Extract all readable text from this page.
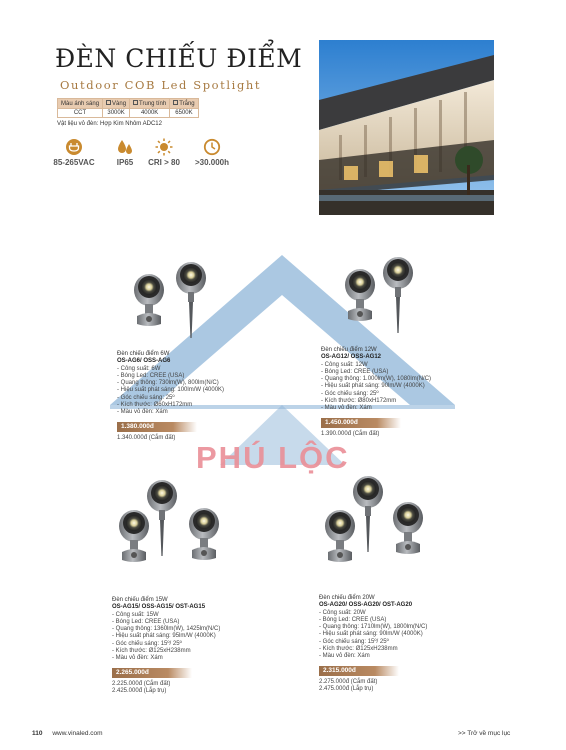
ĐÈN CHIẾU ĐIỂM
Outdoor COB Led Spotlight
Màu ánh sáng	Vàng	Trung tính	Trắng
CCT	3000K	4000K	6500K
Vật liệu vỏ đèn: Hợp Kim Nhôm ADC12
85-265VAC	IP65	CRI > 80	>30.000h
PHÚ LỘC
Đèn chiếu điểm 6W
OS-AG6/ OSS-AG6
- Công suất: 6W
- Bóng Led: CREE (USA)
- Quang thông: 730lm(W), 800lm(N/C)
- Hiệu suất phát sáng: 100lm/W (4000K)
- Góc chiếu sáng: 25º
- Kích thước: Ø60xH172mm
- Màu vỏ đèn: Xám
1.380.000đ
1.340.000đ (Cắm đất)
Đèn chiếu điểm 12W
OS-AG12/ OSS-AG12
- Công suất: 12W
- Bóng Led: CREE (USA)
- Quang thông: 1.000lm(W), 1080lm(N/C)
- Hiệu suất phát sáng: 90lm/W (4000K)
- Góc chiếu sáng: 25º
- Kích thước: Ø80xH172mm
- Màu vỏ đèn: Xám
1.450.000đ
1.390.000đ (Cắm đất)
Đèn chiếu điểm 15W
OS-AG15/ OSS-AG15/ OST-AG15
- Công suất: 15W
- Bóng Led: CREE (USA)
- Quang thông: 1360lm(W), 1425lm(N/C)
- Hiệu suất phát sáng: 95lm/W (4000K)
- Góc chiếu sáng: 15º/ 25º
- Kích thước: Ø125xH238mm
- Màu vỏ đèn: Xám
2.265.000đ
2.225.000đ (Cắm đất)
2.425.000đ (Lắp trụ)
Đèn chiếu điểm 20W
OS-AG20/ OSS-AG20/ OST-AG20
- Công suất: 20W
- Bóng Led: CREE (USA)
- Quang thông: 1710lm(W), 1800lm(N/C)
- Hiệu suất phát sáng: 90lm/W (4000K)
- Góc chiếu sáng: 15º/ 25º
- Kích thước: Ø125xH238mm
- Màu vỏ đèn: Xám
2.315.000đ
2.275.000đ (Cắm đất)
2.475.000đ (Lắp trụ)
110 www.vinaled.com	>> Trở về mục lục
